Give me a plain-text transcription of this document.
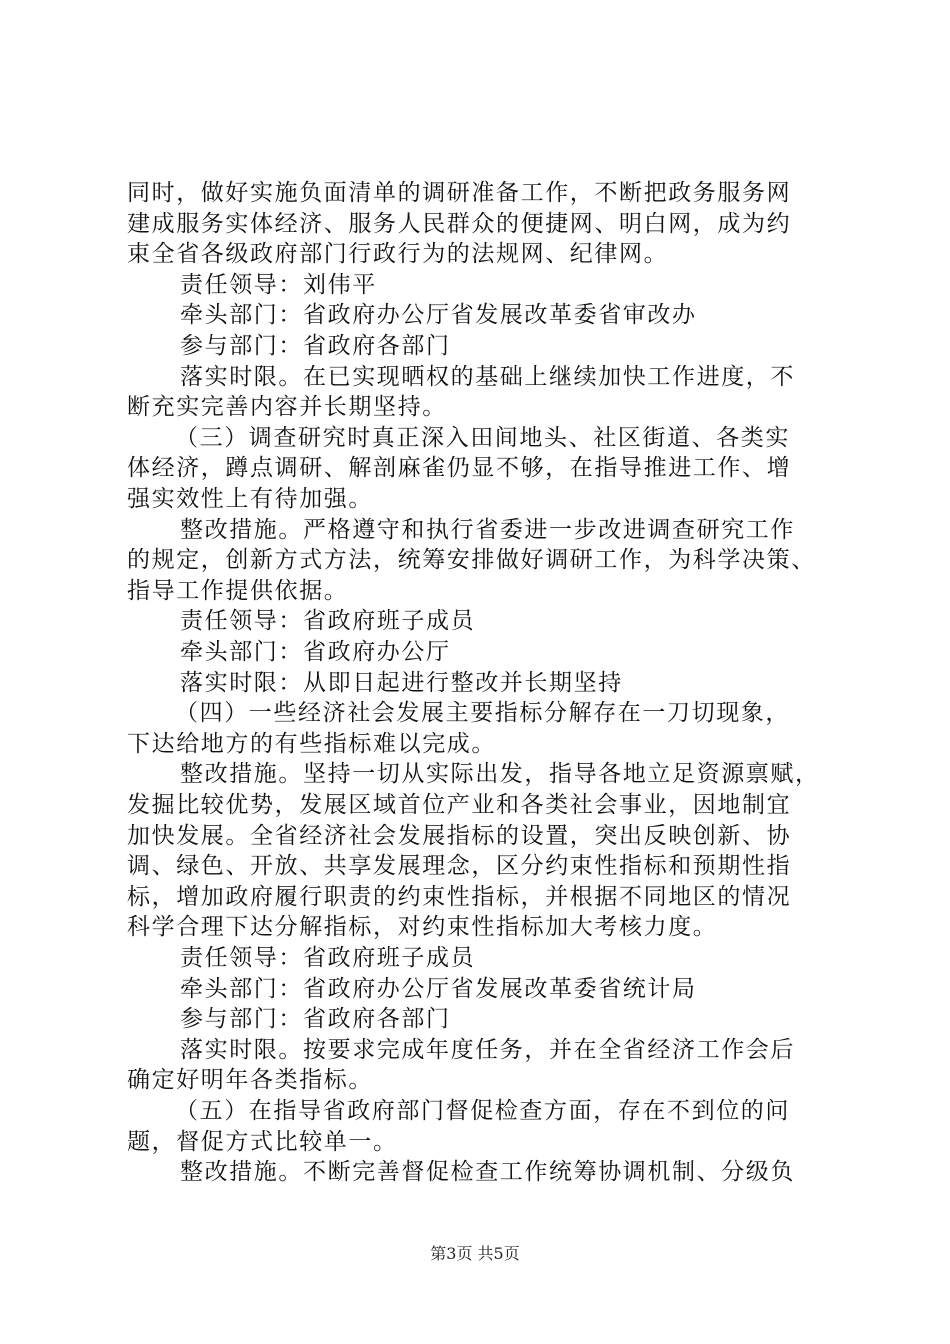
同时，做好实施负面清单的调研准备工作，不断把政务服务网
建成服务实体经济、服务人民群众的便捷网、明白网，成为约
束全省各级政府部门行政行为的法规网、纪律网。
责任领导：刘伟平
牵头部门：省政府办公厅省发展改革委省审改办
参与部门：省政府各部门
落实时限。在已实现晒权的基础上继续加快工作进度，不
断充实完善内容并长期坚持。
（三）调查研究时真正深入田间地头、社区街道、各类实
体经济，蹲点调研、解剖麻雀仍显不够，在指导推进工作、增
强实效性上有待加强。
整改措施。严格遵守和执行省委进一步改进调查研究工作
的规定，创新方式方法，统筹安排做好调研工作，为科学决策、
指导工作提供依据。
责任领导：省政府班子成员
牵头部门：省政府办公厅
落实时限：从即日起进行整改并长期坚持
（四）一些经济社会发展主要指标分解存在一刀切现象，
下达给地方的有些指标难以完成。
整改措施。坚持一切从实际出发，指导各地立足资源禀赋，
发掘比较优势，发展区域首位产业和各类社会事业，因地制宜
加快发展。全省经济社会发展指标的设置，突出反映创新、协
调、绿色、开放、共享发展理念，区分约束性指标和预期性指
标，增加政府履行职责的约束性指标，并根据不同地区的情况
科学合理下达分解指标，对约束性指标加大考核力度。
责任领导：省政府班子成员
牵头部门：省政府办公厅省发展改革委省统计局
参与部门：省政府各部门
落实时限。按要求完成年度任务，并在全省经济工作会后
确定好明年各类指标。
（五）在指导省政府部门督促检查方面，存在不到位的问
题，督促方式比较单一。
整改措施。不断完善督促检查工作统筹协调机制、分级负
第3页 共5页
